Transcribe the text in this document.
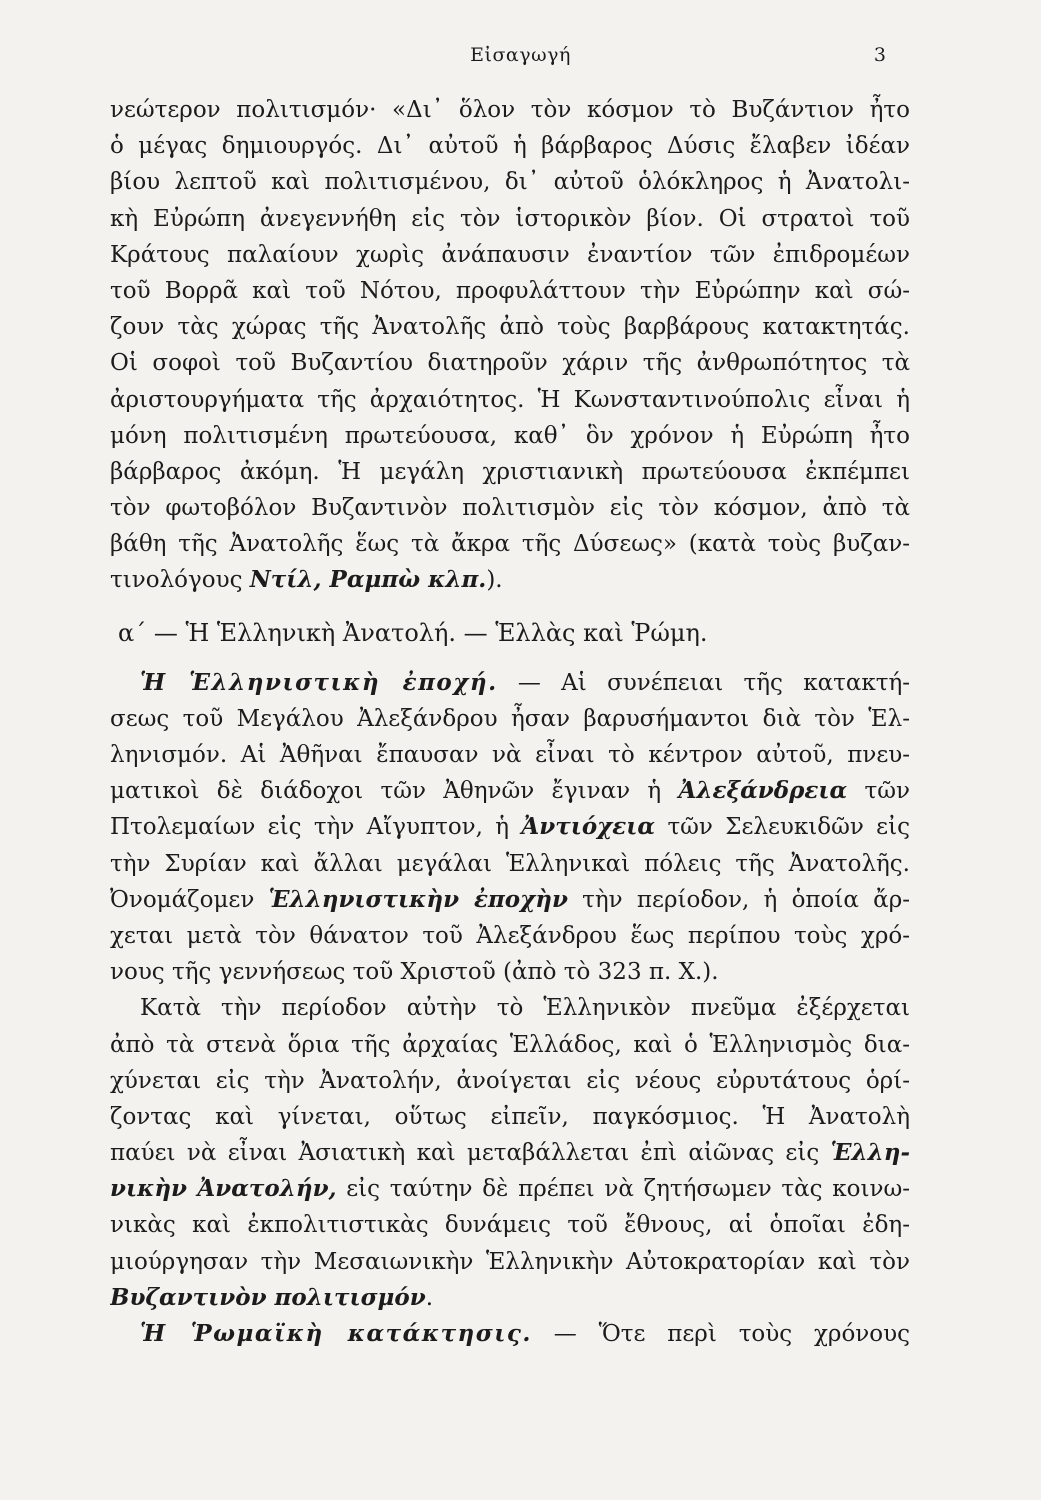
Εἰσαγωγή	3
νεώτερον πολιτισμόν· «Δι᾽ ὅλον τὸν κόσμον τὸ Βυζάντιον ἦτο
ὁ μέγας δημιουργός. Δι᾽ αὐτοῦ ἡ βάρβαρος Δύσις ἔλαβεν ἰδέαν
βίου λεπτοῦ καὶ πολιτισμένου, δι᾽ αὐτοῦ ὁλόκληρος ἡ Ἀνατολι-
κὴ Εὐρώπη ἀνεγεννήθη εἰς τὸν ἱστορικὸν βίον. Οἱ στρατοὶ τοῦ
Κράτους παλαίουν χωρὶς ἀνάπαυσιν ἐναντίον τῶν ἐπιδρομέων
τοῦ Βορρᾶ καὶ τοῦ Νότου, προφυλάττουν τὴν Εὐρώπην καὶ σώ-
ζουν τὰς χώρας τῆς Ἀνατολῆς ἀπὸ τοὺς βαρβάρους κατακτητάς.
Οἱ σοφοὶ τοῦ Βυζαντίου διατηροῦν χάριν τῆς ἀνθρωπότητος τὰ
ἀριστουργήματα τῆς ἀρχαιότητος. Ἡ Κωνσταντινούπολις εἶναι ἡ
μόνη πολιτισμένη πρωτεύουσα, καθ᾽ ὃν χρόνον ἡ Εὐρώπη ἦτο
βάρβαρος ἀκόμη. Ἡ μεγάλη χριστιανικὴ πρωτεύουσα ἐκπέμπει
τὸν φωτοβόλον Βυζαντινὸν πολιτισμὸν εἰς τὸν κόσμον, ἀπὸ τὰ
βάθη τῆς Ἀνατολῆς ἕως τὰ ἄκρα τῆς Δύσεως» (κατὰ τοὺς βυζαν-
τινολόγους Ντίλ, Ραμπὼ κλπ.).
α΄ — Ἡ Ἑλληνικὴ Ἀνατολή. — Ἑλλὰς καὶ Ῥώμη.
Ἡ Ἑλληνιστικὴ ἐποχή. — Αἱ συνέπειαι τῆς κατακτή-
σεως τοῦ Μεγάλου Ἀλεξάνδρου ἦσαν βαρυσήμαντοι διὰ τὸν Ἑλ-
ληνισμόν. Αἱ Ἀθῆναι ἔπαυσαν νὰ εἶναι τὸ κέντρον αὐτοῦ, πνευ-
ματικοὶ δὲ διάδοχοι τῶν Ἀθηνῶν ἔγιναν ἡ Ἀλεξάνδρεια τῶν
Πτολεμαίων εἰς τὴν Αἴγυπτον, ἡ Ἀντιόχεια τῶν Σελευκιδῶν εἰς
τὴν Συρίαν καὶ ἄλλαι μεγάλαι Ἑλληνικαὶ πόλεις τῆς Ἀνατολῆς.
Ὀνομάζομεν Ἑλληνιστικὴν ἐποχὴν τὴν περίοδον, ἡ ὁποία ἄρ-
χεται μετὰ τὸν θάνατον τοῦ Ἀλεξάνδρου ἕως περίπου τοὺς χρό-
νους τῆς γεννήσεως τοῦ Χριστοῦ (ἀπὸ τὸ 323 π. Χ.).
Κατὰ τὴν περίοδον αὐτὴν τὸ Ἑλληνικὸν πνεῦμα ἐξέρχεται
ἀπὸ τὰ στενὰ ὅρια τῆς ἀρχαίας Ἑλλάδος, καὶ ὁ Ἑλληνισμὸς δια-
χύνεται εἰς τὴν Ἀνατολήν, ἀνοίγεται εἰς νέους εὐρυτάτους ὁρί-
ζοντας καὶ γίνεται, οὕτως εἰπεῖν, παγκόσμιος. Ἡ Ἀνατολὴ
παύει νὰ εἶναι Ἀσιατικὴ καὶ μεταβάλλεται ἐπὶ αἰῶνας εἰς Ἑλλη-
νικὴν Ἀνατολήν, εἰς ταύτην δὲ πρέπει νὰ ζητήσωμεν τὰς κοινω-
νικὰς καὶ ἐκπολιτιστικὰς δυνάμεις τοῦ ἔθνους, αἱ ὁποῖαι ἐδη-
μιούργησαν τὴν Μεσαιωνικὴν Ἑλληνικὴν Αὐτοκρατορίαν καὶ τὸν
Βυζαντινὸν πολιτισμόν.
Ἡ Ῥωμαϊκὴ κατάκτησις. — Ὅτε περὶ τοὺς χρόνους
